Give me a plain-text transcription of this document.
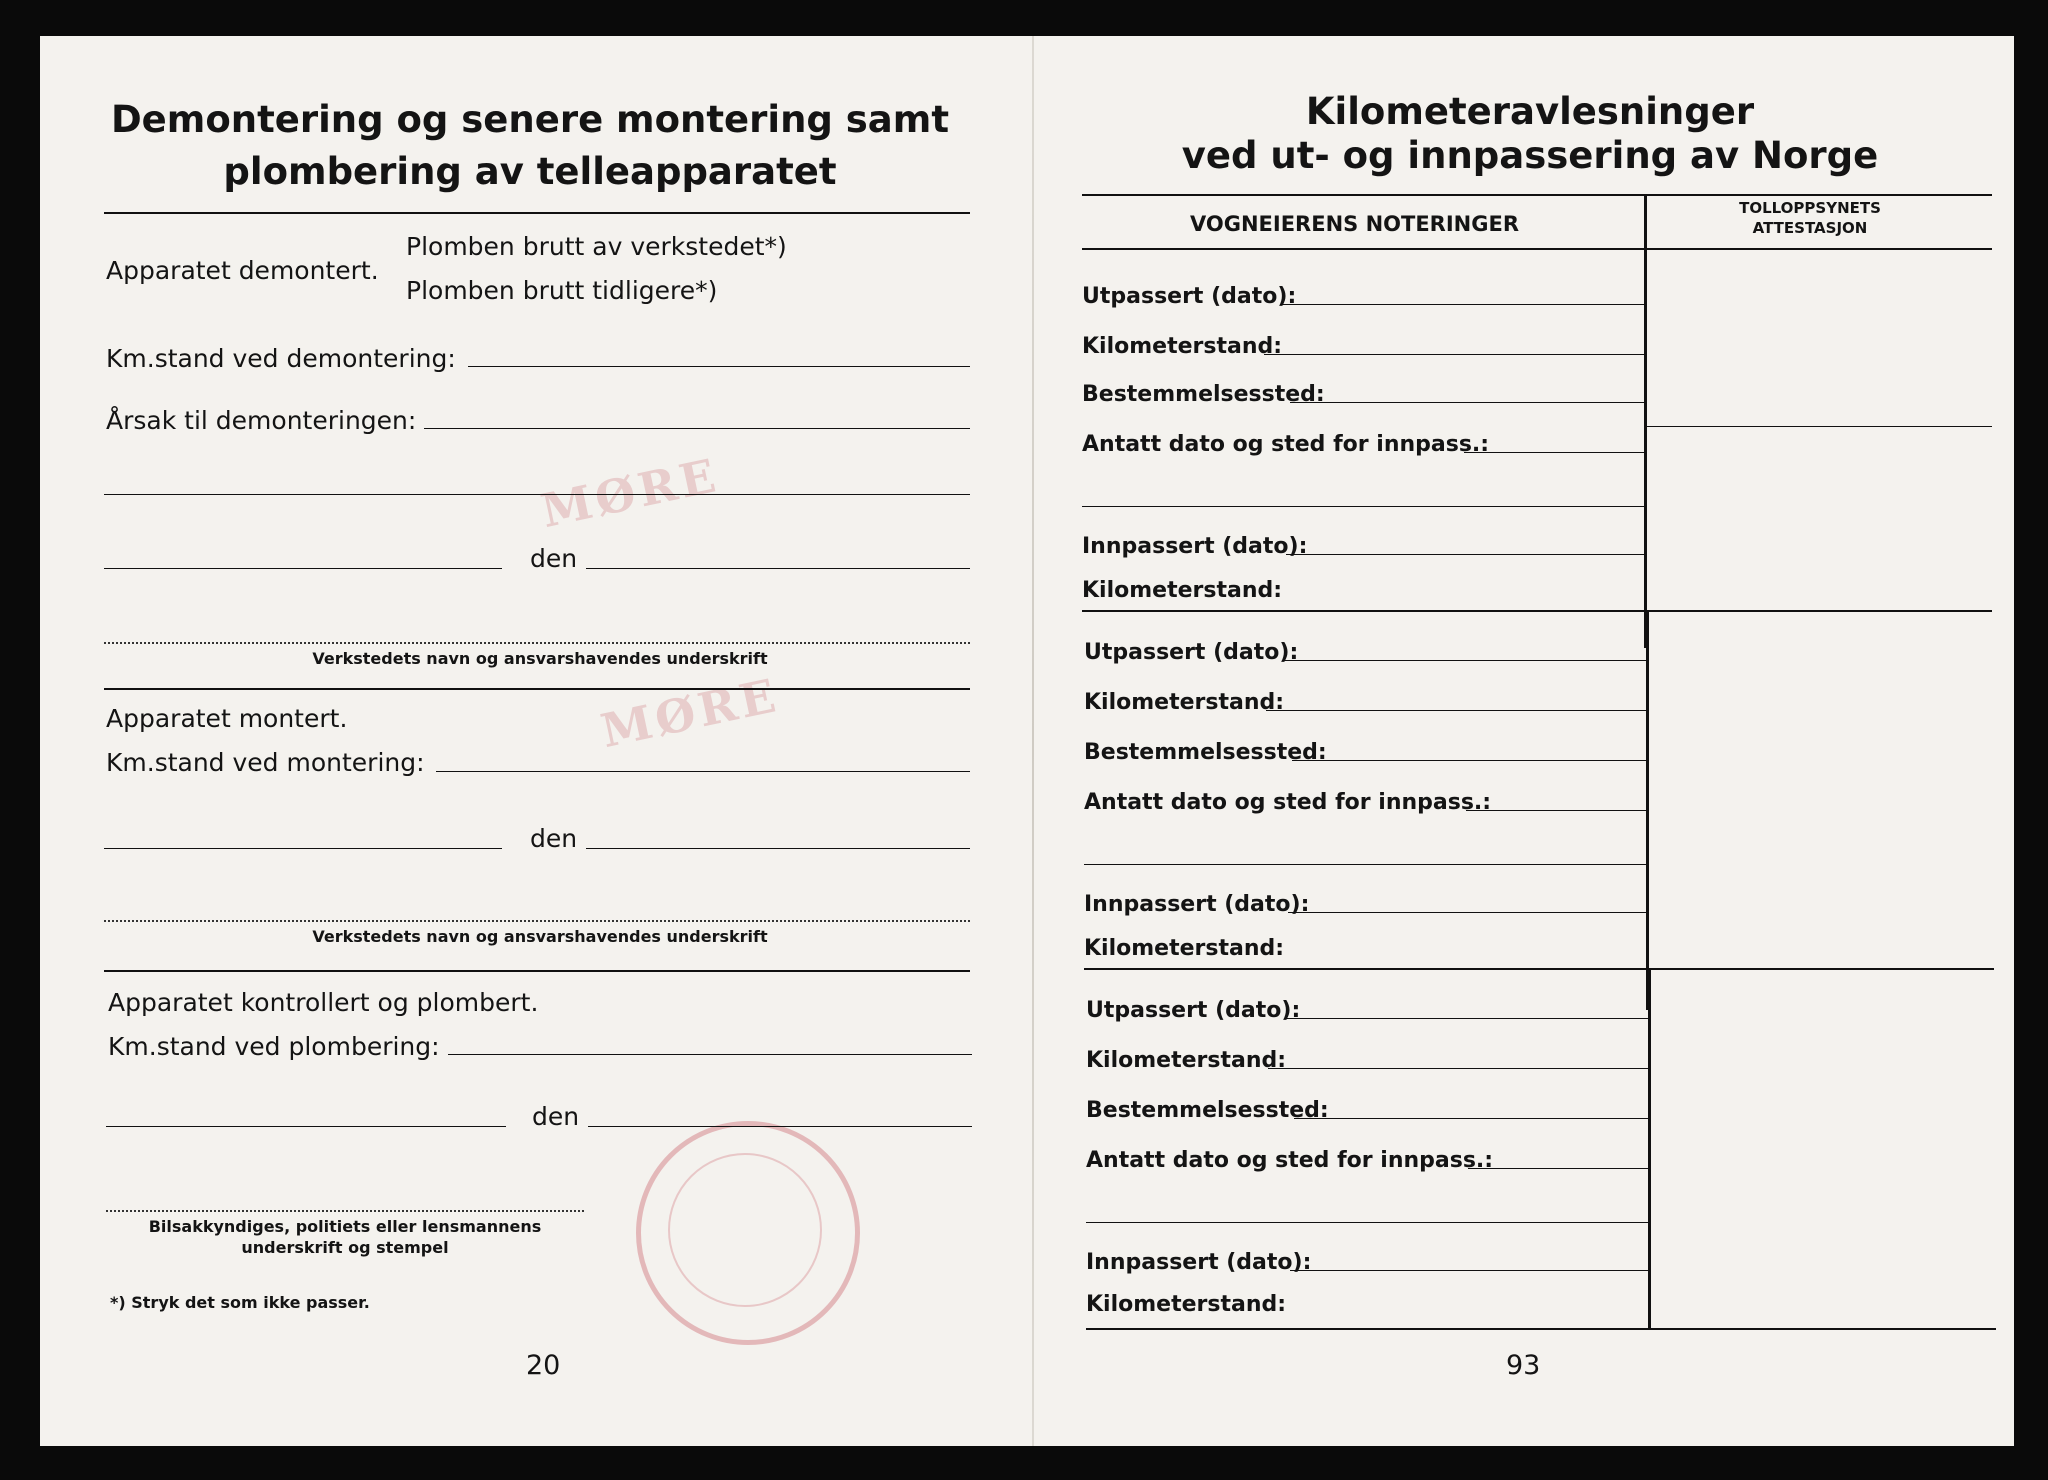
MØRE
MØRE
Demontering og senere montering samt
plombering av telleapparatet
Apparatet demontert.
Plomben brutt av verkstedet*)
Plomben brutt tidligere*)
Km.stand ved demontering:
Årsak til demonteringen:
den
Verkstedets navn og ansvarshavendes underskrift
Apparatet montert.
Km.stand ved montering:
den
Verkstedets navn og ansvarshavendes underskrift
Apparatet kontrollert og plombert.
Km.stand ved plombering:
den
Bilsakkyndiges, politiets eller lensmannens
underskrift og stempel
*) Stryk det som ikke passer.
20
Kilometeravlesninger
ved ut- og innpassering av Norge
VOGNEIERENS NOTERINGER
TOLLOPPSYNETS
ATTESTASJON
Utpassert (dato):
Kilometerstand:
Bestemmelsessted:
Antatt dato og sted for innpass.:
Innpassert (dato):
Kilometerstand:
Utpassert (dato):
Kilometerstand:
Bestemmelsessted:
Antatt dato og sted for innpass.:
Innpassert (dato):
Kilometerstand:
Utpassert (dato):
Kilometerstand:
Bestemmelsessted:
Antatt dato og sted for innpass.:
Innpassert (dato):
Kilometerstand:
93
